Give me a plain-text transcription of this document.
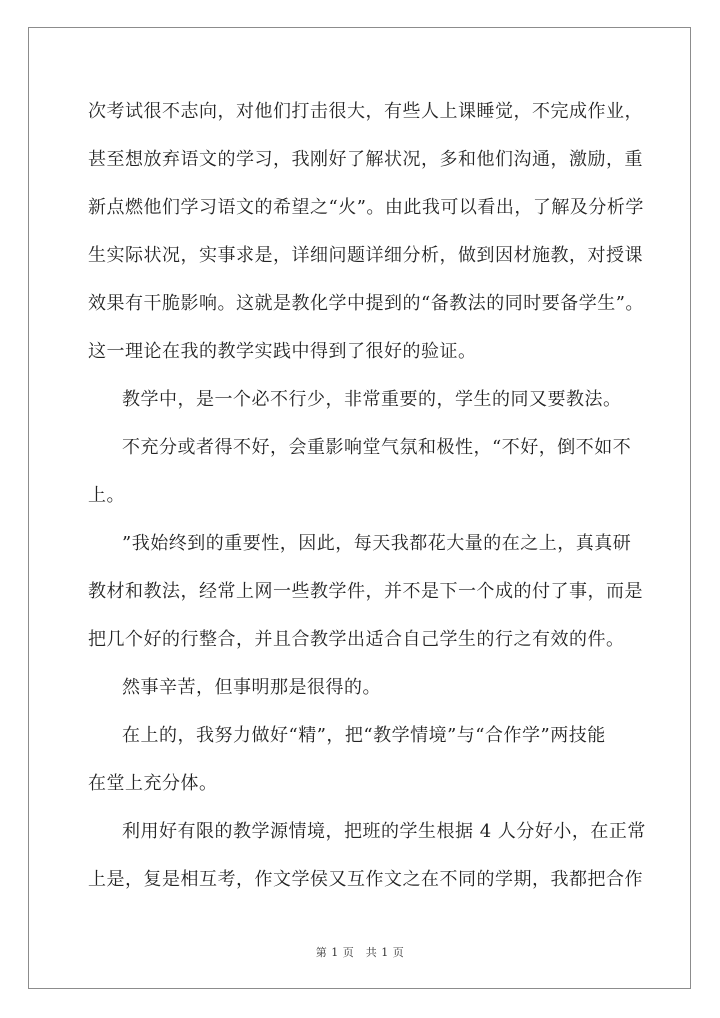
次考试很不志向，对他们打击很大，有些人上课睡觉，不完成作业，
甚至想放弃语文的学习，我刚好了解状况，多和他们沟通，激励，重
新点燃他们学习语文的希望之“火”。由此我可以看出，了解及分析学
生实际状况，实事求是，详细问题详细分析，做到因材施教，对授课
效果有干脆影响。这就是教化学中提到的“备教法的同时要备学生”。
这一理论在我的教学实践中得到了很好的验证。
教学中，是一个必不行少，非常重要的，学生的同又要教法。
不充分或者得不好，会重影响堂气氛和极性，“不好，倒不如不
上。
”我始终到的重要性，因此，每天我都花大量的在之上，真真研
教材和教法，经常上网一些教学件，并不是下一个成的付了事，而是
把几个好的行整合，并且合教学出适合自己学生的行之有效的件。
然事辛苦，但事明那是很得的。
在上的，我努力做好“精”，把“教学情境”与“合作学”两技能
在堂上充分体。
利用好有限的教学源情境，把班的学生根据 4 人分好小，在正常
上是，复是相互考，作文学侯又互作文之在不同的学期，我都把合作
第 1 页　共 1 页
